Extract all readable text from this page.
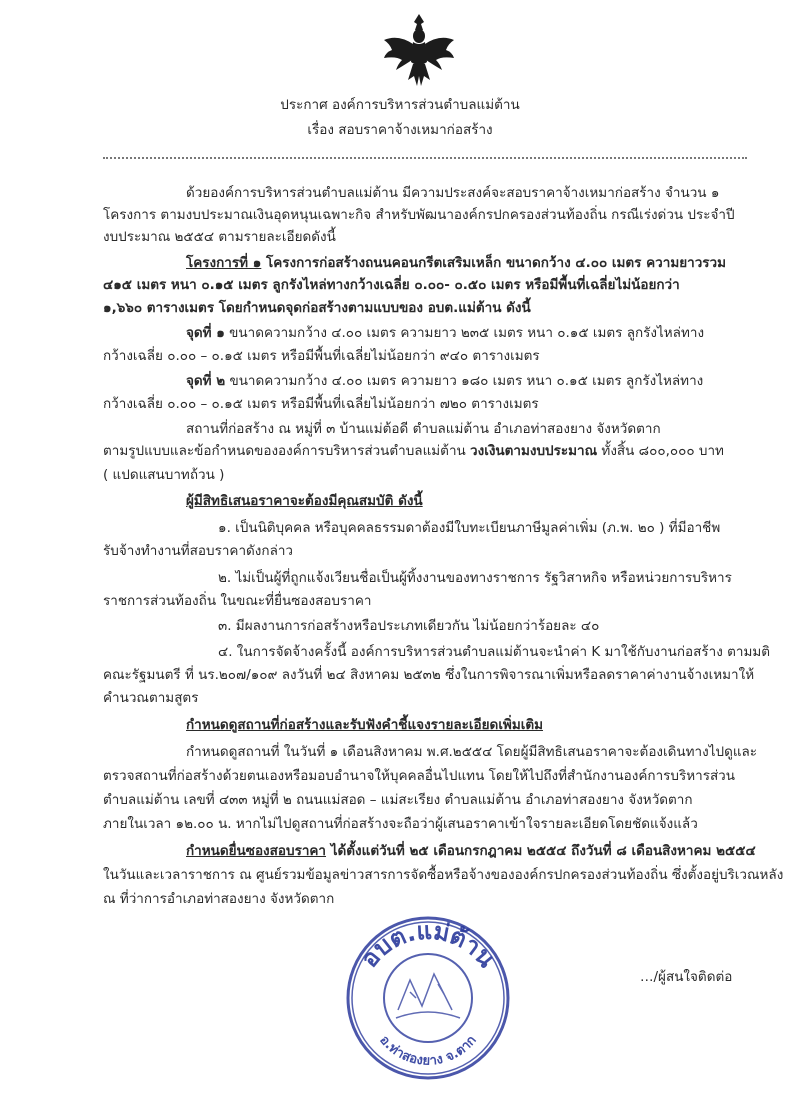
ประกาศ องค์การบริหารส่วนตำบลแม่ต้าน
เรื่อง สอบราคาจ้างเหมาก่อสร้าง
ด้วยองค์การบริหารส่วนตำบลแม่ต้าน มีความประสงค์จะสอบราคาจ้างเหมาก่อสร้าง จำนวน ๑
โครงการ ตามงบประมาณเงินอุดหนุนเฉพาะกิจ สำหรับพัฒนาองค์กรปกครองส่วนท้องถิ่น กรณีเร่งด่วน ประจำปี
งบประมาณ ๒๕๕๔ ตามรายละเอียดดังนี้
โครงการที่ ๑ โครงการก่อสร้างถนนคอนกรีตเสริมเหล็ก ขนาดกว้าง ๔.๐๐ เมตร ความยาวรวม
๔๑๕ เมตร หนา ๐.๑๕ เมตร ลูกรังไหล่ทางกว้างเฉลี่ย ๐.๐๐- ๐.๕๐ เมตร หรือมีพื้นที่เฉลี่ยไม่น้อยกว่า
๑,๖๖๐ ตารางเมตร โดยกำหนดจุดก่อสร้างตามแบบของ อบต.แม่ต้าน ดังนี้
จุดที่ ๑ ขนาดความกว้าง ๔.๐๐ เมตร ความยาว ๒๓๕ เมตร หนา ๐.๑๕ เมตร ลูกรังไหล่ทาง
กว้างเฉลี่ย ๐.๐๐ – ๐.๑๕ เมตร หรือมีพื้นที่เฉลี่ยไม่น้อยกว่า ๙๔๐ ตารางเมตร
จุดที่ ๒ ขนาดความกว้าง ๔.๐๐ เมตร ความยาว ๑๘๐ เมตร หนา ๐.๑๕ เมตร ลูกรังไหล่ทาง
กว้างเฉลี่ย ๐.๐๐ – ๐.๑๕ เมตร หรือมีพื้นที่เฉลี่ยไม่น้อยกว่า ๗๒๐ ตารางเมตร
สถานที่ก่อสร้าง ณ หมู่ที่ ๓ บ้านแม่ต้อดี ตำบลแม่ต้าน อำเภอท่าสองยาง จังหวัดตาก
ตามรูปแบบและข้อกำหนดขององค์การบริหารส่วนตำบลแม่ต้าน วงเงินตามงบประมาณ ทั้งสิ้น ๘๐๐,๐๐๐ บาท
( แปดแสนบาทถ้วน )
ผู้มีสิทธิเสนอราคาจะต้องมีคุณสมบัติ ดังนี้
๑. เป็นนิติบุคคล หรือบุคคลธรรมดาต้องมีใบทะเบียนภาษีมูลค่าเพิ่ม (ภ.พ. ๒๐ ) ที่มีอาชีพ
รับจ้างทำงานที่สอบราคาดังกล่าว
๒. ไม่เป็นผู้ที่ถูกแจ้งเวียนชื่อเป็นผู้ทิ้งงานของทางราชการ รัฐวิสาหกิจ หรือหน่วยการบริหาร
ราชการส่วนท้องถิ่น ในขณะที่ยื่นซองสอบราคา
๓. มีผลงานการก่อสร้างหรือประเภทเดียวกัน ไม่น้อยกว่าร้อยละ ๔๐
๔. ในการจัดจ้างครั้งนี้ องค์การบริหารส่วนตำบลแม่ต้านจะนำค่า K มาใช้กับงานก่อสร้าง ตามมติ
คณะรัฐมนตรี ที่ นร.๒๐๗/๑๐๙ ลงวันที่ ๒๔ สิงหาคม ๒๕๓๒ ซึ่งในการพิจารณาเพิ่มหรือลดราคาค่างานจ้างเหมาให้
คำนวณตามสูตร
กำหนดดูสถานที่ก่อสร้างและรับฟังคำชี้แจงรายละเอียดเพิ่มเติม
กำหนดดูสถานที่ ในวันที่ ๑ เดือนสิงหาคม พ.ศ.๒๕๕๔ โดยผู้มีสิทธิเสนอราคาจะต้องเดินทางไปดูและ
ตรวจสถานที่ก่อสร้างด้วยตนเองหรือมอบอำนาจให้บุคคลอื่นไปแทน โดยให้ไปถึงที่สำนักงานองค์การบริหารส่วน
ตำบลแม่ต้าน เลขที่ ๔๓๓ หมู่ที่ ๒ ถนนแม่สอด – แม่สะเรียง ตำบลแม่ต้าน อำเภอท่าสองยาง จังหวัดตาก
ภายในเวลา ๑๒.๐๐ น. หากไม่ไปดูสถานที่ก่อสร้างจะถือว่าผู้เสนอราคาเข้าใจรายละเอียดโดยชัดแจ้งแล้ว
กำหนดยื่นซองสอบราคา ได้ตั้งแต่วันที่ ๒๕ เดือนกรกฎาคม ๒๕๕๔ ถึงวันที่ ๘ เดือนสิงหาคม ๒๕๕๔
ในวันและเวลาราชการ ณ ศูนย์รวมข้อมูลข่าวสารการจัดซื้อหรือจ้างขององค์กรปกครองส่วนท้องถิ่น ซึ่งตั้งอยู่บริเวณหลัง
ณ ที่ว่าการอำเภอท่าสองยาง จังหวัดตาก
อบต.แม่ต้าน
อ.ท่าสองยาง จ.ตาก
…/ผู้สนใจติดต่อ
